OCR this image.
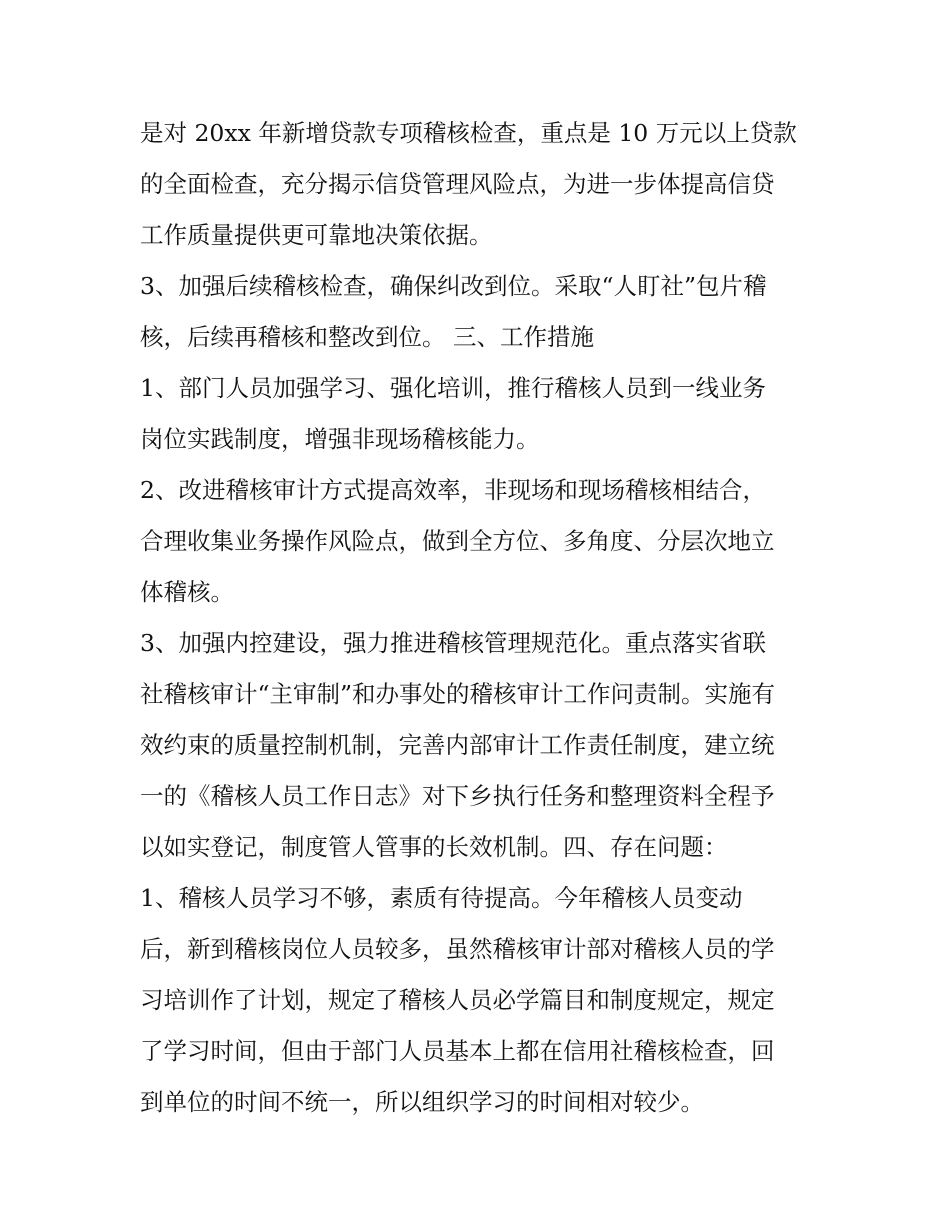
是对 20xx 年新增贷款专项稽核检查，重点是 10 万元以上贷款
的全面检查，充分揭示信贷管理风险点，为进一步体提高信贷
工作质量提供更可靠地决策依据。
3、加强后续稽核检查，确保纠改到位。采取“人盯社”包片稽
核，后续再稽核和整改到位。 三、工作措施
1、部门人员加强学习、强化培训，推行稽核人员到一线业务
岗位实践制度，增强非现场稽核能力。
2、改进稽核审计方式提高效率，非现场和现场稽核相结合，
合理收集业务操作风险点，做到全方位、多角度、分层次地立
体稽核。
3、加强内控建设，强力推进稽核管理规范化。重点落实省联
社稽核审计“主审制”和办事处的稽核审计工作问责制。实施有
效约束的质量控制机制，完善内部审计工作责任制度，建立统
一的《稽核人员工作日志》对下乡执行任务和整理资料全程予
以如实登记，制度管人管事的长效机制。四、存在问题：
1、稽核人员学习不够，素质有待提高。今年稽核人员变动
后，新到稽核岗位人员较多，虽然稽核审计部对稽核人员的学
习培训作了计划，规定了稽核人员必学篇目和制度规定，规定
了学习时间，但由于部门人员基本上都在信用社稽核检查，回
到单位的时间不统一，所以组织学习的时间相对较少。
